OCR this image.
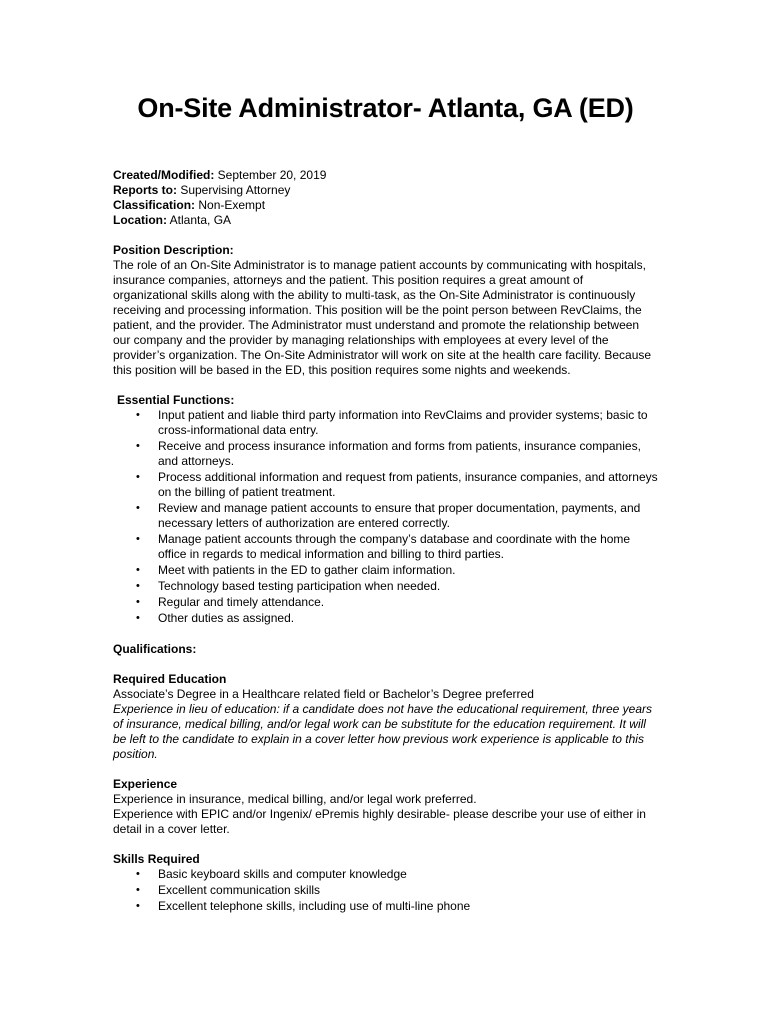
On-Site Administrator- Atlanta, GA (ED)

Created/Modified: September 20, 2019

Reports to: Supervising Attorney

Classification: Non-Exempt

Location: Atlanta, GA

Position Description:

The role of an On-Site Administrator is to manage patient accounts by communicating with hospitals, insurance companies, attorneys and the patient. This position requires a great amount of organizational skills along with the ability to multi-task, as the On-Site Administrator is continuously receiving and processing information. This position will be the point person between RevClaims, the patient, and the provider. The Administrator must understand and promote the relationship between our company and the provider by managing relationships with employees at every level of the provider’s organization. The On-Site Administrator will work on site at the health care facility. Because this position will be based in the ED, this position requires some nights and weekends.

Essential Functions:

• Input patient and liable third party information into RevClaims and provider systems; basic to cross-informational data entry.
• Receive and process insurance information and forms from patients, insurance companies, and attorneys.
• Process additional information and request from patients, insurance companies, and attorneys on the billing of patient treatment.
• Review and manage patient accounts to ensure that proper documentation, payments, and necessary letters of authorization are entered correctly.
• Manage patient accounts through the company’s database and coordinate with the home office in regards to medical information and billing to third parties.
• Meet with patients in the ED to gather claim information.
• Technology based testing participation when needed.
• Regular and timely attendance.
• Other duties as assigned.

Qualifications:

Required Education

Associate’s Degree in a Healthcare related field or Bachelor’s Degree preferred

Experience in lieu of education: if a candidate does not have the educational requirement, three years of insurance, medical billing, and/or legal work can be substitute for the education requirement. It will be left to the candidate to explain in a cover letter how previous work experience is applicable to this position.

Experience

Experience in insurance, medical billing, and/or legal work preferred.

Experience with EPIC and/or Ingenix/ ePremis highly desirable- please describe your use of either in detail in a cover letter.

Skills Required

• Basic keyboard skills and computer knowledge
• Excellent communication skills
• Excellent telephone skills, including use of multi-line phone
